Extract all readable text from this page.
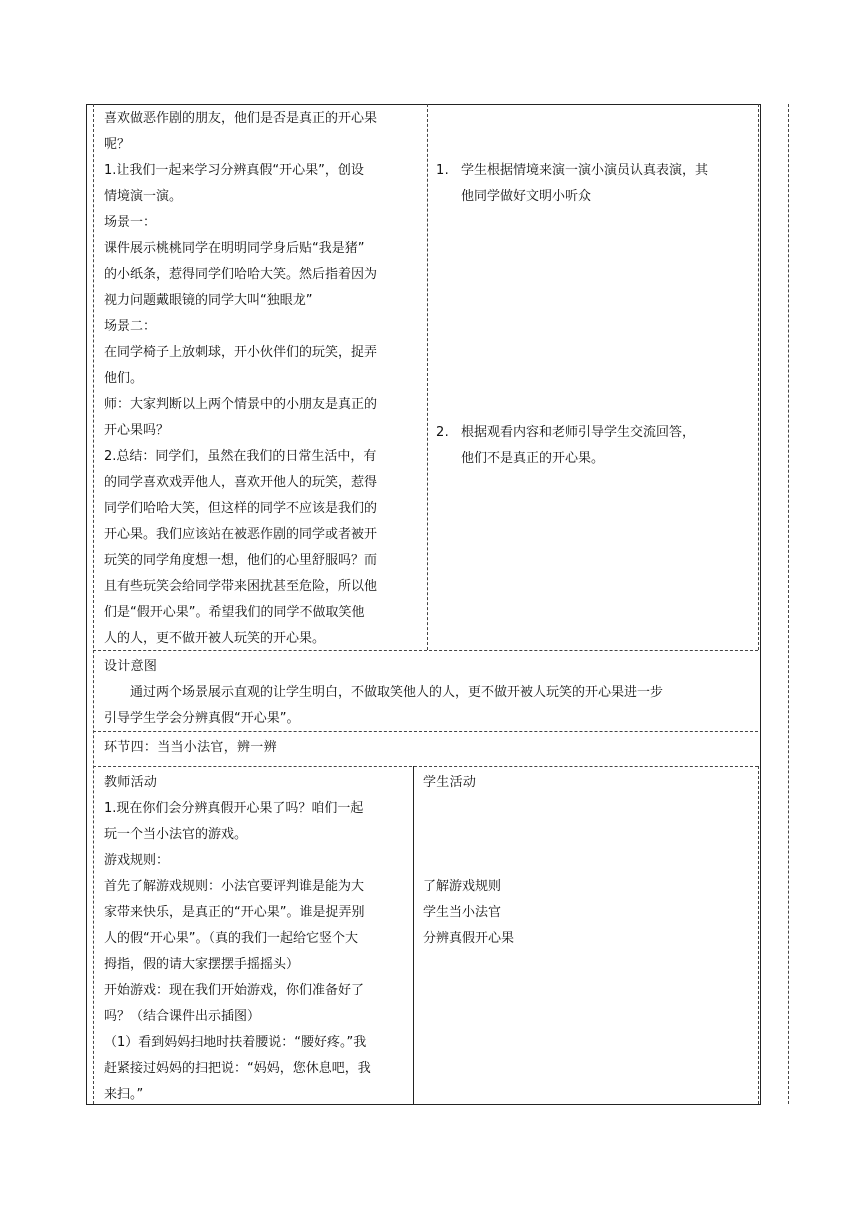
喜欢做恶作剧的朋友，他们是否是真正的开心果
呢？
1.让我们一起来学习分辨真假“开心果”，创设
情境演一演。
场景一：
课件展示桃桃同学在明明同学身后贴“我是猪”
的小纸条，惹得同学们哈哈大笑。然后指着因为
视力问题戴眼镜的同学大叫“独眼龙”
场景二：
在同学椅子上放刺球，开小伙伴们的玩笑，捉弄
他们。
师：大家判断以上两个情景中的小朋友是真正的
开心果吗？
2.总结：同学们，虽然在我们的日常生活中，有
的同学喜欢戏弄他人，喜欢开他人的玩笑，惹得
同学们哈哈大笑，但这样的同学不应该是我们的
开心果。我们应该站在被恶作剧的同学或者被开
玩笑的同学角度想一想，他们的心里舒服吗？而
且有些玩笑会给同学带来困扰甚至危险，所以他
们是“假开心果”。希望我们的同学不做取笑他
人的人，更不做开被人玩笑的开心果。
1. 学生根据情境来演一演小演员认真表演，其
他同学做好文明小听众
2. 根据观看内容和老师引导学生交流回答，
他们不是真正的开心果。
设计意图
通过两个场景展示直观的让学生明白，不做取笑他人的人，更不做开被人玩笑的开心果进一步
引导学生学会分辨真假“开心果”。
环节四：当当小法官，辨一辨
教师活动	学生活动
1.现在你们会分辨真假开心果了吗？咱们一起
玩一个当小法官的游戏。
游戏规则：
首先了解游戏规则：小法官要评判谁是能为大
家带来快乐，是真正的“开心果”。谁是捉弄别
人的假“开心果”。（真的我们一起给它竖个大
拇指，假的请大家摆摆手摇摇头）
开始游戏：现在我们开始游戏，你们准备好了
吗？（结合课件出示插图）
（1）看到妈妈扫地时扶着腰说：“腰好疼。”我
赶紧接过妈妈的扫把说：“妈妈，您休息吧，我
来扫。”
了解游戏规则
学生当小法官
分辨真假开心果
